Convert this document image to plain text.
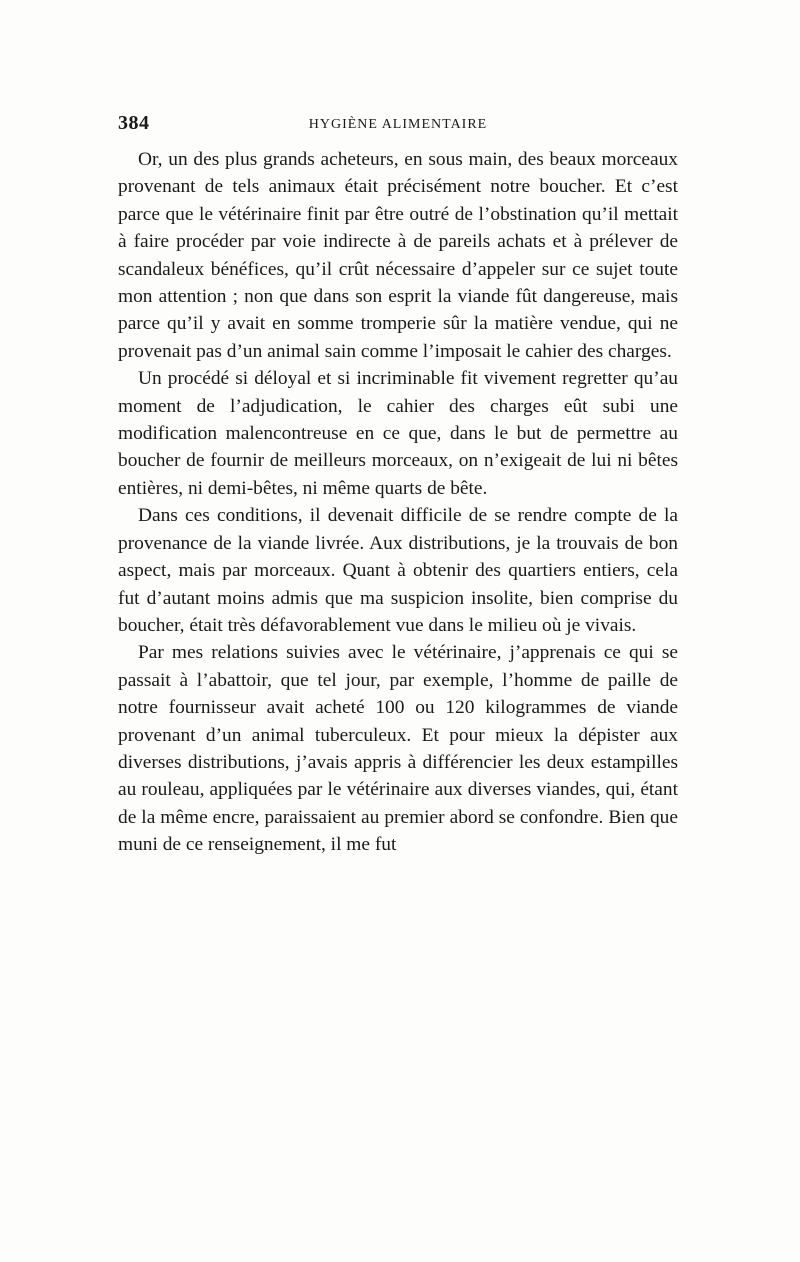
384	HYGIÈNE ALIMENTAIRE

Or, un des plus grands acheteurs, en sous main, des beaux morceaux provenant de tels animaux était précisément notre boucher. Et c’est parce que le vétérinaire finit par être outré de l’obstination qu’il mettait à faire procéder par voie indirecte à de pareils achats et à prélever de scandaleux bénéfices, qu’il crût nécessaire d’appeler sur ce sujet toute mon attention ; non que dans son esprit la viande fût dangereuse, mais parce qu’il y avait en somme tromperie sûr la matière vendue, qui ne provenait pas d’un animal sain comme l’imposait le cahier des charges.

Un procédé si déloyal et si incriminable fit vivement regretter qu’au moment de l’adjudication, le cahier des charges eût subi une modification malencontreuse en ce que, dans le but de permettre au boucher de fournir de meilleurs morceaux, on n’exigeait de lui ni bêtes entières, ni demi-bêtes, ni même quarts de bête.

Dans ces conditions, il devenait difficile de se rendre compte de la provenance de la viande livrée. Aux distributions, je la trouvais de bon aspect, mais par morceaux. Quant à obtenir des quartiers entiers, cela fut d’autant moins admis que ma suspicion insolite, bien comprise du boucher, était très défavorablement vue dans le milieu où je vivais.

Par mes relations suivies avec le vétérinaire, j’apprenais ce qui se passait à l’abattoir, que tel jour, par exemple, l’homme de paille de notre fournisseur avait acheté 100 ou 120 kilogrammes de viande provenant d’un animal tuberculeux. Et pour mieux la dépister aux diverses distributions, j’avais appris à différencier les deux estampilles au rouleau, appliquées par le vétérinaire aux diverses viandes, qui, étant de la même encre, paraissaient au premier abord se confondre. Bien que muni de ce renseignement, il me fut
